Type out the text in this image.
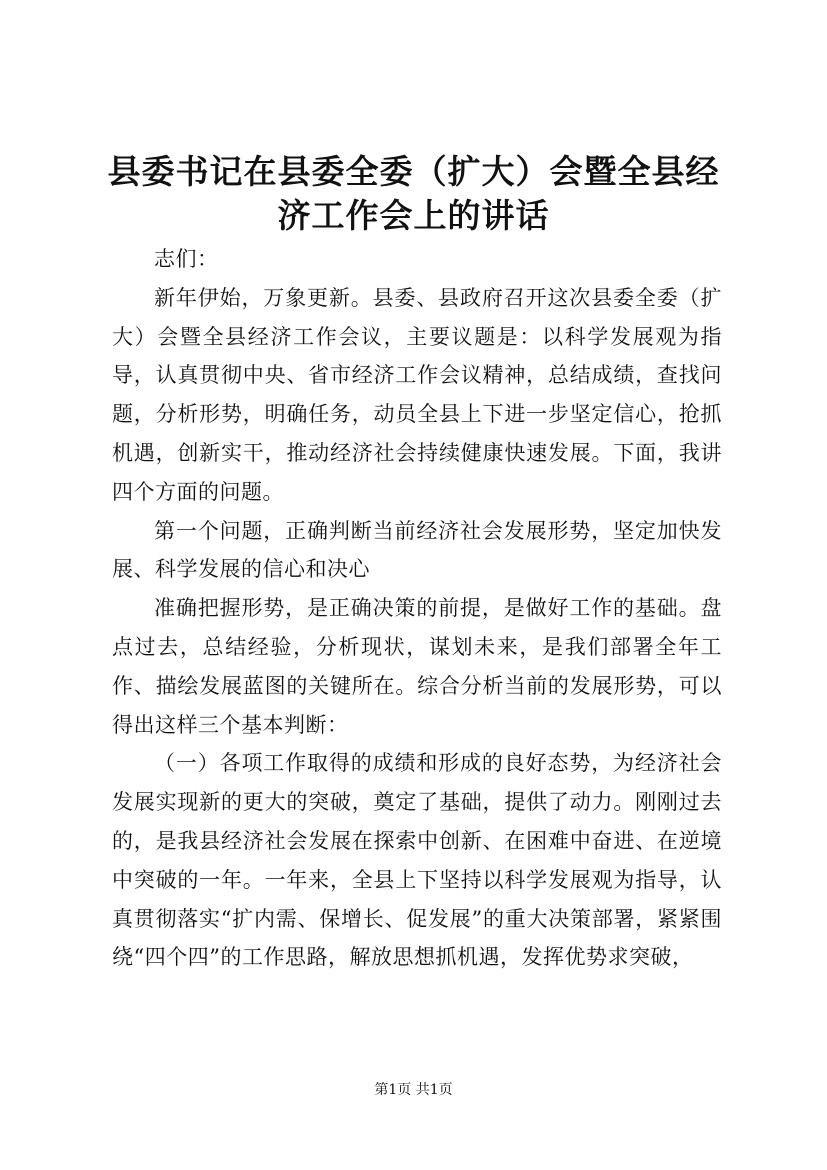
县委书记在县委全委（扩大）会暨全县经济工作会上的讲话

志们：

新年伊始，万象更新。县委、县政府召开这次县委全委（扩大）会暨全县经济工作会议，主要议题是：以科学发展观为指导，认真贯彻中央、省市经济工作会议精神，总结成绩，查找问题，分析形势，明确任务，动员全县上下进一步坚定信心，抢抓机遇，创新实干，推动经济社会持续健康快速发展。下面，我讲四个方面的问题。

第一个问题，正确判断当前经济社会发展形势，坚定加快发展、科学发展的信心和决心

准确把握形势，是正确决策的前提，是做好工作的基础。盘点过去，总结经验，分析现状，谋划未来，是我们部署全年工作、描绘发展蓝图的关键所在。综合分析当前的发展形势，可以得出这样三个基本判断：

（一）各项工作取得的成绩和形成的良好态势，为经济社会发展实现新的更大的突破，奠定了基础，提供了动力。刚刚过去的，是我县经济社会发展在探索中创新、在困难中奋进、在逆境中突破的一年。一年来，全县上下坚持以科学发展观为指导，认真贯彻落实“扩内需、保增长、促发展”的重大决策部署，紧紧围绕“四个四”的工作思路，解放思想抓机遇，发挥优势求突破，

第1页 共1页
